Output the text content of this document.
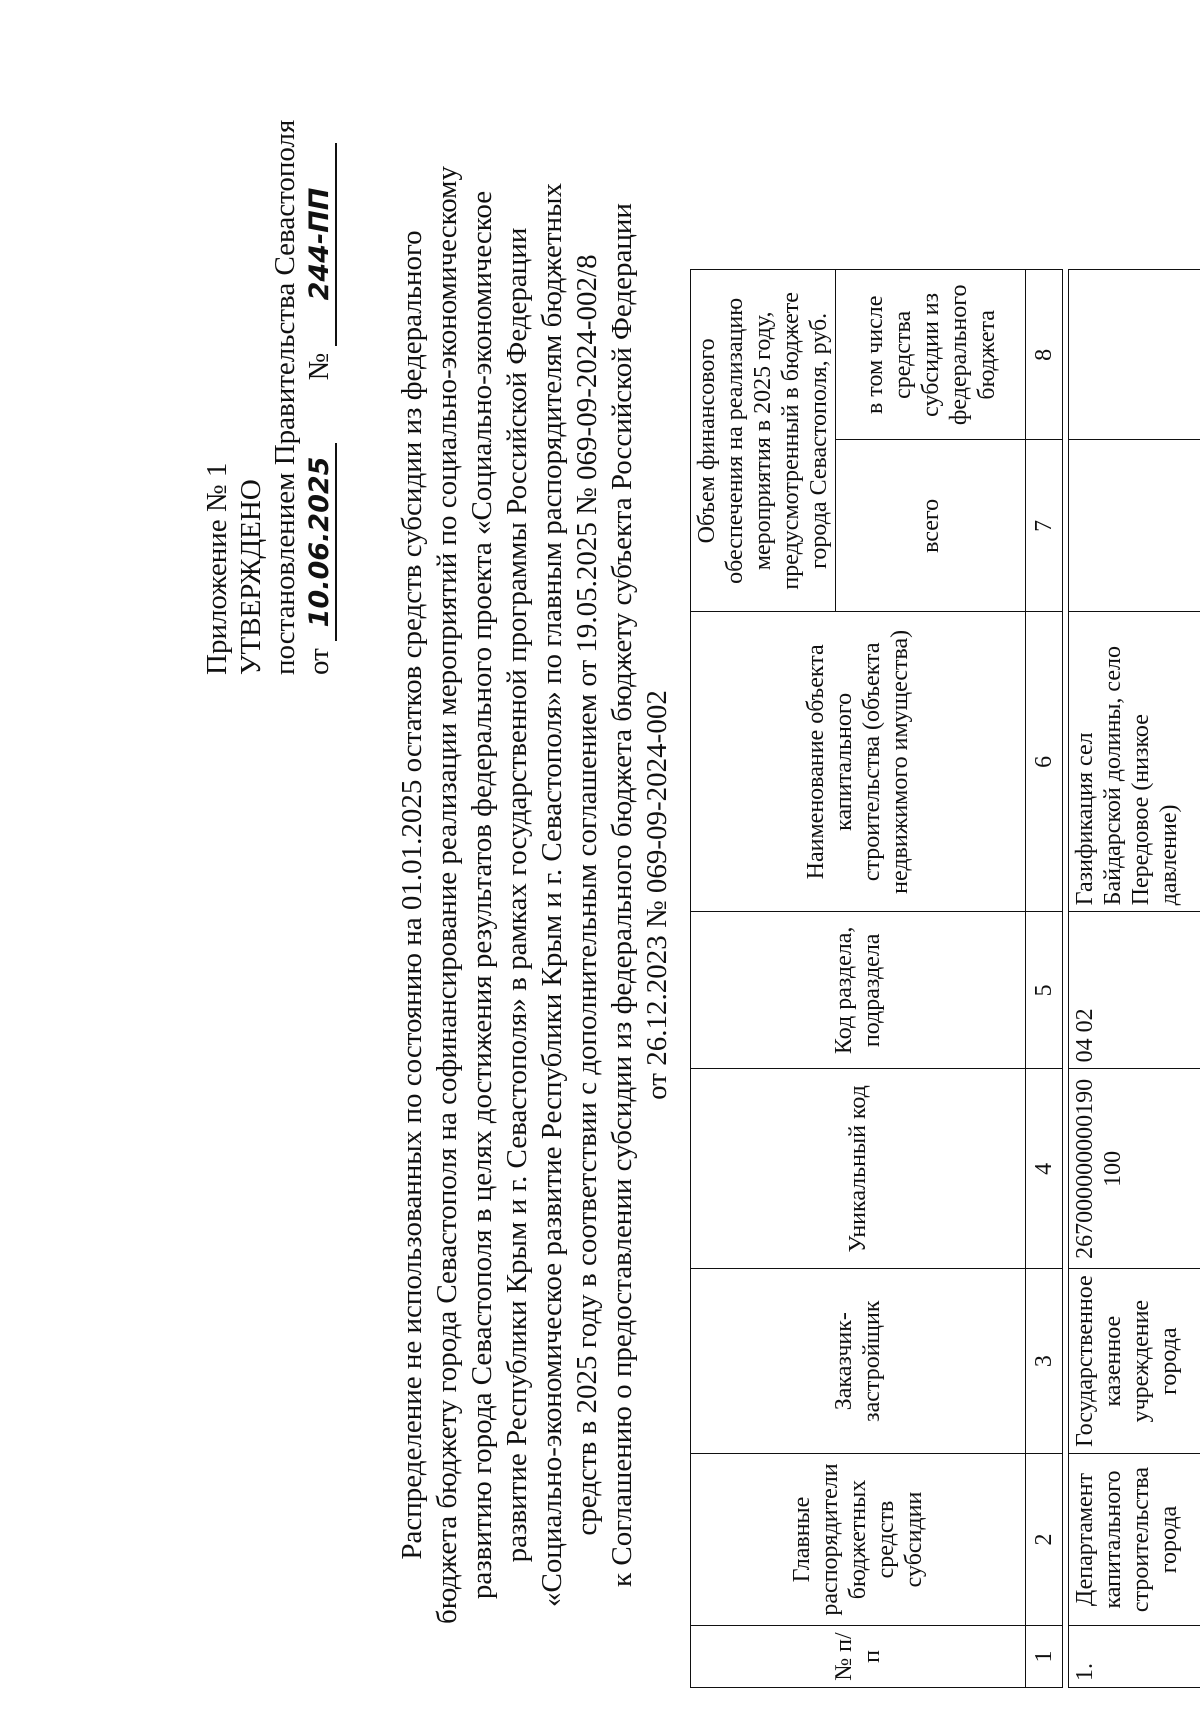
Приложение № 1 УТВЕРЖДЕНО постановлением Правительства Севастополя от 10.06.2025  № 244-ПП Распределение не использованных по состоянию на 01.01.2025 остатков средств субсидии из федерального бюджета бюджету города Севастополя на софинансирование реализации мероприятий по социально-экономическому развитию города Севастополя в целях достижения результатов федерального проекта «Социально-экономическое развитие Республики Крым и г. Севастополя» в рамках государственной программы Российской Федерации «Социально-экономическое развитие Республики Крым и г. Севастополя» по главным распорядителям бюджетных средств в 2025 году в соответствии с дополнительным соглашением от 19.05.2025 № 069-09-2024-002/8 к Соглашению о предоставлении субсидии из федерального бюджета бюджету субъекта Российской Федерации от 26.12.2023 № 069-09-2024-002
№ п/п	Главные распорядители бюджетных средств субсидии	Заказчик-застройщик	Уникальный код	Код раздела, подраздела	Наименование объекта капитального строительства (объекта недвижимого имущества)	Объем финансового обеспечения на реализацию мероприятия в 2025 году, предусмотренный в бюджете города Севастополя, руб.	
						всего	в том числе средства субсидии из федерального бюджета
1	2	3	4	5	6	7	8

1.	Департамент капитального строительства города	Государственное казенное учреждение города	267000000000190100	04 02	Газификация сел Байдарской долины, село Передовое (низкое давление)		
